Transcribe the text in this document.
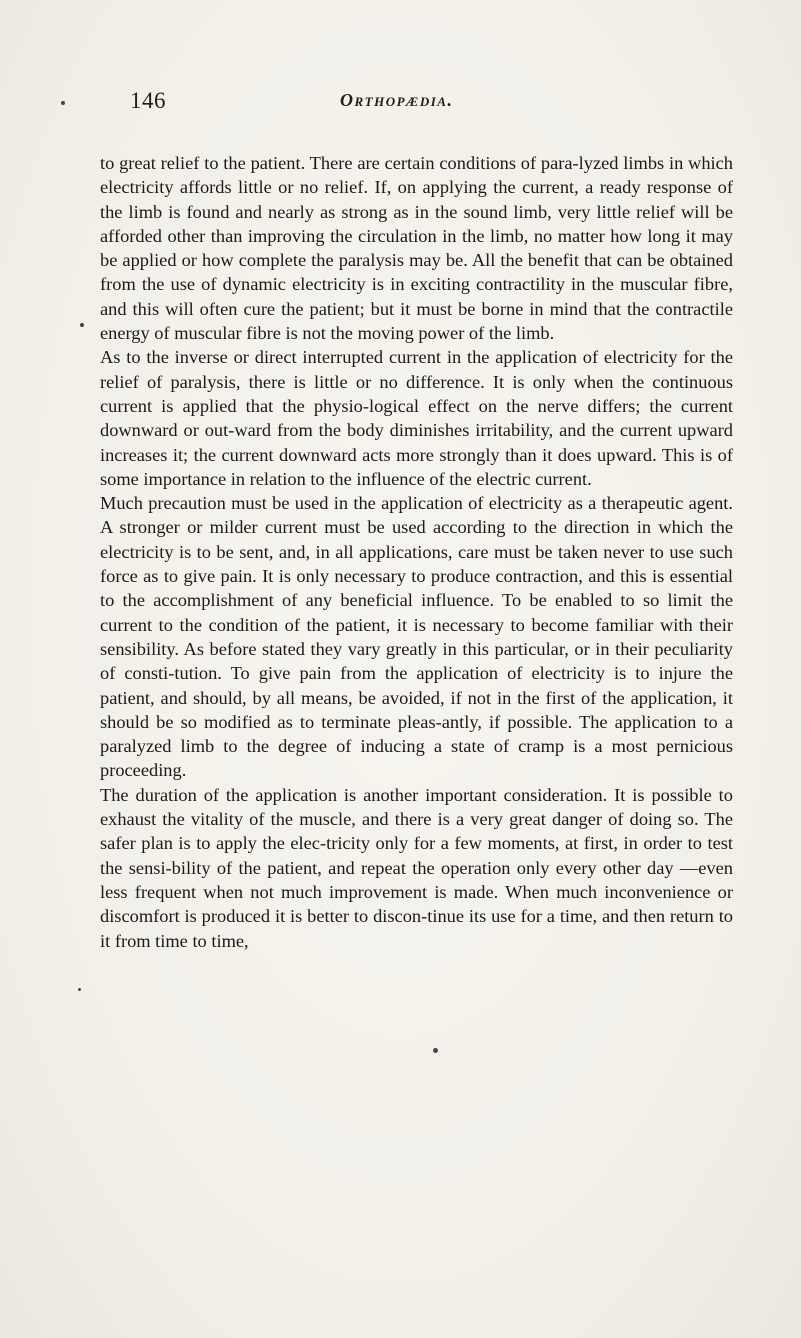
146	Orthopædia.

to great relief to the patient. There are certain conditions of para-lyzed limbs in which electricity affords little or no relief. If, on applying the current, a ready response of the limb is found and nearly as strong as in the sound limb, very little relief will be afforded other than improving the circulation in the limb, no matter how long it may be applied or how complete the paralysis may be. All the benefit that can be obtained from the use of dynamic electricity is in exciting contractility in the muscular fibre, and this will often cure the patient; but it must be borne in mind that the contractile energy of muscular fibre is not the moving power of the limb.

As to the inverse or direct interrupted current in the application of electricity for the relief of paralysis, there is little or no difference. It is only when the continuous current is applied that the physio-logical effect on the nerve differs; the current downward or out-ward from the body diminishes irritability, and the current upward increases it; the current downward acts more strongly than it does upward. This is of some importance in relation to the influence of the electric current.

Much precaution must be used in the application of electricity as a therapeutic agent. A stronger or milder current must be used according to the direction in which the electricity is to be sent, and, in all applications, care must be taken never to use such force as to give pain. It is only necessary to produce contraction, and this is essential to the accomplishment of any beneficial influence. To be enabled to so limit the current to the condition of the patient, it is necessary to become familiar with their sensibility. As before stated they vary greatly in this particular, or in their peculiarity of consti-tution. To give pain from the application of electricity is to injure the patient, and should, by all means, be avoided, if not in the first of the application, it should be so modified as to terminate pleas-antly, if possible. The application to a paralyzed limb to the degree of inducing a state of cramp is a most pernicious proceeding.

The duration of the application is another important consideration. It is possible to exhaust the vitality of the muscle, and there is a very great danger of doing so. The safer plan is to apply the elec-tricity only for a few moments, at first, in order to test the sensi-bility of the patient, and repeat the operation only every other day —even less frequent when not much improvement is made. When much inconvenience or discomfort is produced it is better to discon-tinue its use for a time, and then return to it from time to time,
